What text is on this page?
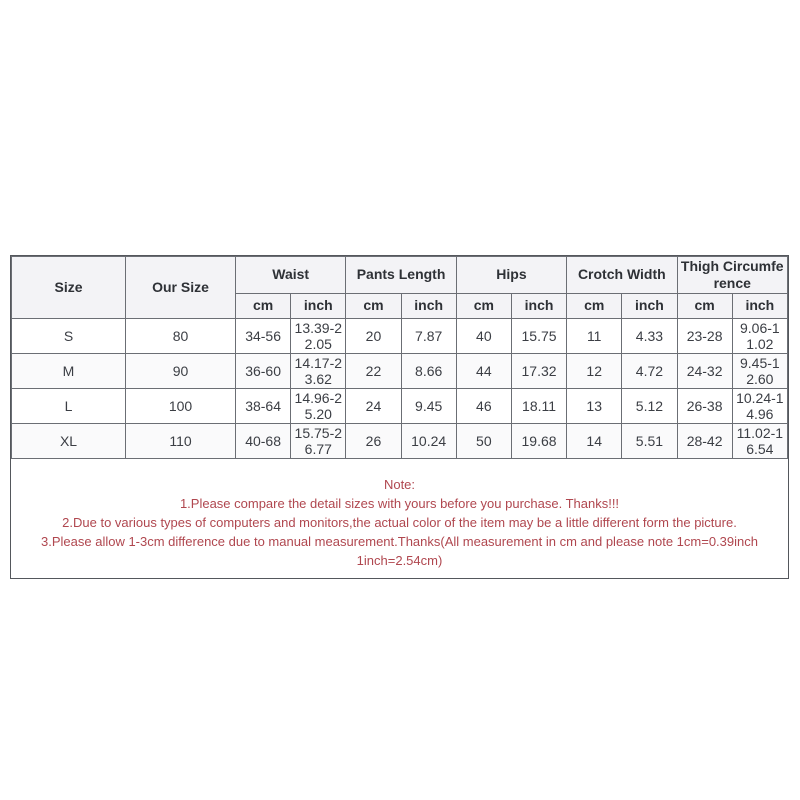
Size	Our Size	Waist		Pants Length		Hips		Crotch Width		Thigh Circumference	
		cm	inch	cm	inch	cm	inch	cm	inch	cm	inch
S	80	34-56	13.39-22.05	20	7.87	40	15.75	11	4.33	23-28	9.06-11.02
M	90	36-60	14.17-23.62	22	8.66	44	17.32	12	4.72	24-32	9.45-12.60
L	100	38-64	14.96-25.20	24	9.45	46	18.11	13	5.12	26-38	10.24-14.96
XL	110	40-68	15.75-26.77	26	10.24	50	19.68	14	5.51	28-42	11.02-16.54
Note:
1.Please compare the detail sizes with yours before you purchase. Thanks!!!
2.Due to various types of computers and monitors,the actual color of the item may be a little different form the picture.
3.Please allow 1-3cm difference due to manual measurement.Thanks(All measurement in cm and please note 1cm=0.39inch 1inch=2.54cm)
